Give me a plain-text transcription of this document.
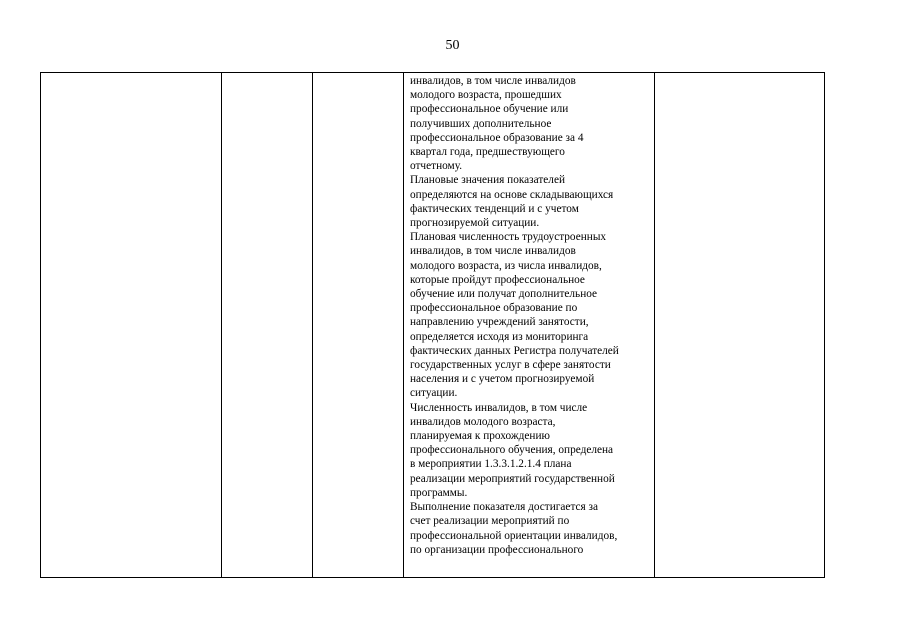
50

инвалидов, в том числе инвалидов
молодого возраста, прошедших
профессиональное обучение или
получивших дополнительное
профессиональное образование за 4
квартал года, предшествующего
отчетному.
Плановые значения показателей
определяются на основе складывающихся
фактических тенденций и с учетом
прогнозируемой ситуации.
Плановая численность трудоустроенных
инвалидов, в том числе инвалидов
молодого возраста, из числа инвалидов,
которые пройдут профессиональное
обучение или получат дополнительное
профессиональное образование по
направлению учреждений занятости,
определяется исходя из мониторинга
фактических данных Регистра получателей
государственных услуг в сфере занятости
населения и с учетом прогнозируемой
ситуации.
Численность инвалидов, в том числе
инвалидов молодого возраста,
планируемая к прохождению
профессионального обучения, определена
в мероприятии 1.3.3.1.2.1.4 плана
реализации мероприятий государственной
программы.
Выполнение показателя достигается за
счет реализации мероприятий по
профессиональной ориентации инвалидов,
по организации профессионального
